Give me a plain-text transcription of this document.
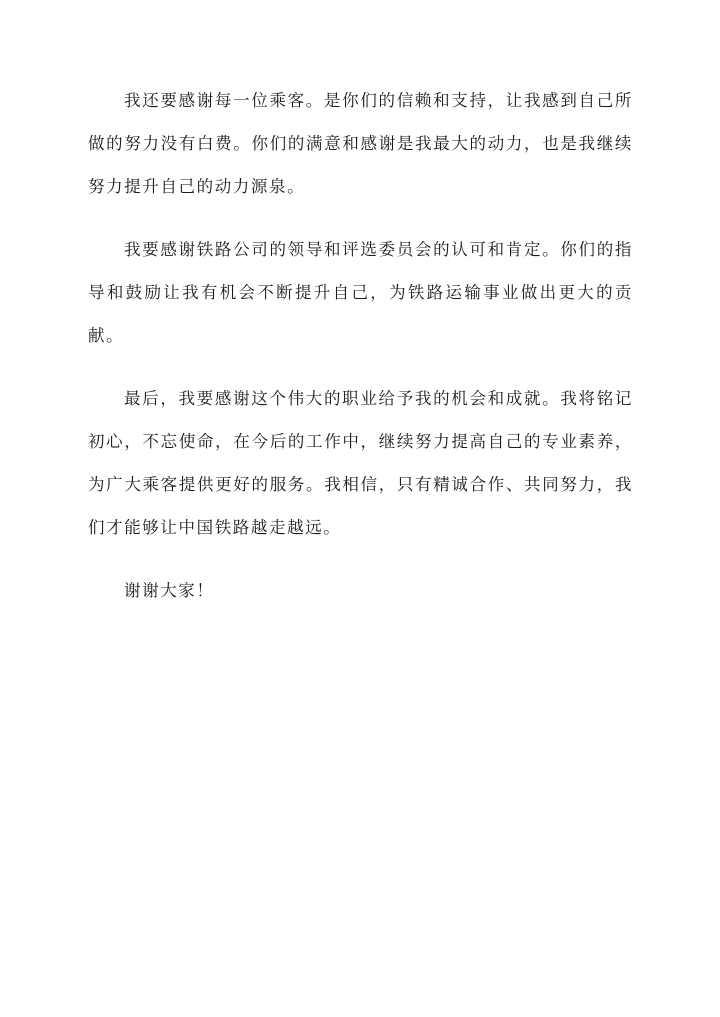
我还要感谢每一位乘客。是你们的信赖和支持，让我感到自己所做的努力没有白费。你们的满意和感谢是我最大的动力，也是我继续努力提升自己的动力源泉。

我要感谢铁路公司的领导和评选委员会的认可和肯定。你们的指导和鼓励让我有机会不断提升自己，为铁路运输事业做出更大的贡献。

最后，我要感谢这个伟大的职业给予我的机会和成就。我将铭记初心，不忘使命，在今后的工作中，继续努力提高自己的专业素养，为广大乘客提供更好的服务。我相信，只有精诚合作、共同努力，我们才能够让中国铁路越走越远。

谢谢大家！
